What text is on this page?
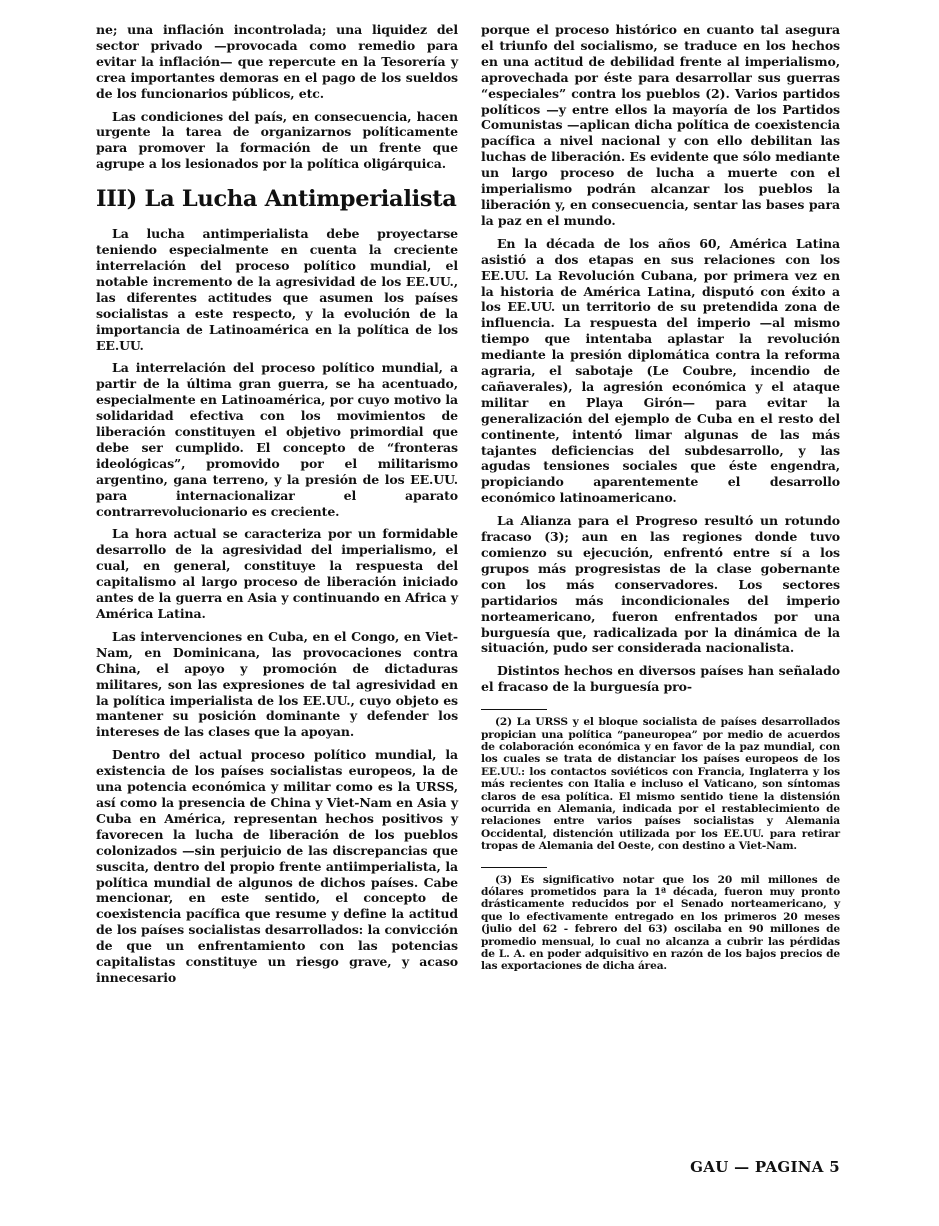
ne; una inflación incontrolada; una liquidez del sector privado —provocada como remedio para evitar la inflación— que repercute en la Tesorería y crea importantes demoras en el pago de los sueldos de los funcionarios públicos, etc.

Las condiciones del país, en consecuencia, hacen urgente la tarea de organizarnos políticamente para promover la formación de un frente que agrupe a los lesionados por la política oligárquica.

III) La Lucha Antimperialista

La lucha antimperialista debe proyectarse teniendo especialmente en cuenta la creciente interrelación del proceso político mundial, el notable incremento de la agresividad de los EE.UU., las diferentes actitudes que asumen los países socialistas a este respecto, y la evolución de la importancia de Latinoamérica en la política de los EE.UU.

La interrelación del proceso político mundial, a partir de la última gran guerra, se ha acentuado, especialmente en Latinoamérica, por cuyo motivo la solidaridad efectiva con los movimientos de liberación constituyen el objetivo primordial que debe ser cumplido. El concepto de “fronteras ideológicas”, promovido por el militarismo argentino, gana terreno, y la presión de los EE.UU. para internacionalizar el aparato contrarrevolucionario es creciente.

La hora actual se caracteriza por un formidable desarrollo de la agresividad del imperialismo, el cual, en general, constituye la respuesta del capitalismo al largo proceso de liberación iniciado antes de la guerra en Asia y continuando en Africa y América Latina.

Las intervenciones en Cuba, en el Congo, en Viet-Nam, en Dominicana, las provocaciones contra China, el apoyo y promoción de dictaduras militares, son las expresiones de tal agresividad en la política imperialista de los EE.UU., cuyo objeto es mantener su posición dominante y defender los intereses de las clases que la apoyan.

Dentro del actual proceso político mundial, la existencia de los países socialistas europeos, la de una potencia económica y militar como es la URSS, así como la presencia de China y Viet-Nam en Asia y Cuba en América, representan hechos positivos y favorecen la lucha de liberación de los pueblos colonizados —sin perjuicio de las discrepancias que suscita, dentro del propio frente antiimperialista, la política mundial de algunos de dichos países. Cabe mencionar, en este sentido, el concepto de coexistencia pacífica que resume y define la actitud de los países socialistas desarrollados: la convicción de que un enfrentamiento con las potencias capitalistas constituye un riesgo grave, y acaso innecesario

porque el proceso histórico en cuanto tal asegura el triunfo del socialismo, se traduce en los hechos en una actitud de debilidad frente al imperialismo, aprovechada por éste para desarrollar sus guerras “especiales” contra los pueblos (2). Varios partidos políticos —y entre ellos la mayoría de los Partidos Comunistas —aplican dicha política de coexistencia pacífica a nivel nacional y con ello debilitan las luchas de liberación. Es evidente que sólo mediante un largo proceso de lucha a muerte con el imperialismo podrán alcanzar los pueblos la liberación y, en consecuencia, sentar las bases para la paz en el mundo.

En la década de los años 60, América Latina asistió a dos etapas en sus relaciones con los EE.UU. La Revolución Cubana, por primera vez en la historia de América Latina, disputó con éxito a los EE.UU. un territorio de su pretendida zona de influencia. La respuesta del imperio —al mismo tiempo que intentaba aplastar la revolución mediante la presión diplomática contra la reforma agraria, el sabotaje (Le Coubre, incendio de cañaverales), la agresión económica y el ataque militar en Playa Girón— para evitar la generalización del ejemplo de Cuba en el resto del continente, intentó limar algunas de las más tajantes deficiencias del subdesarrollo, y las agudas tensiones sociales que éste engendra, propiciando aparentemente el desarrollo económico latinoamericano.

La Alianza para el Progreso resultó un rotundo fracaso (3); aun en las regiones donde tuvo comienzo su ejecución, enfrentó entre sí a los grupos más progresistas de la clase gobernante con los más conservadores. Los sectores partidarios más incondicionales del imperio norteamericano, fueron enfrentados por una burguesía que, radicalizada por la dinámica de la situación, pudo ser considerada nacionalista.

Distintos hechos en diversos países han señalado el fracaso de la burguesía pro-

(2) La URSS y el bloque socialista de países desarrollados propician una política “paneuropea” por medio de acuerdos de colaboración económica y en favor de la paz mundial, con los cuales se trata de distanciar los países europeos de los EE.UU.: los contactos soviéticos con Francia, Inglaterra y los más recientes con Italia e incluso el Vaticano, son síntomas claros de esa política. El mismo sentido tiene la distensión ocurrida en Alemania, indicada por el restablecimiento de relaciones entre varios países socialistas y Alemania Occidental, distención utilizada por los EE.UU. para retirar tropas de Alemania del Oeste, con destino a Viet-Nam.

(3) Es significativo notar que los 20 mil millones de dólares prometidos para la 1ª década, fueron muy pronto drásticamente reducidos por el Senado norteamericano, y que lo efectivamente entregado en los primeros 20 meses (julio del 62 - febrero del 63) oscilaba en 90 millones de promedio mensual, lo cual no alcanza a cubrir las pérdidas de L. A. en poder adquisitivo en razón de los bajos precios de las exportaciones de dicha área.

GAU — PAGINA 5
